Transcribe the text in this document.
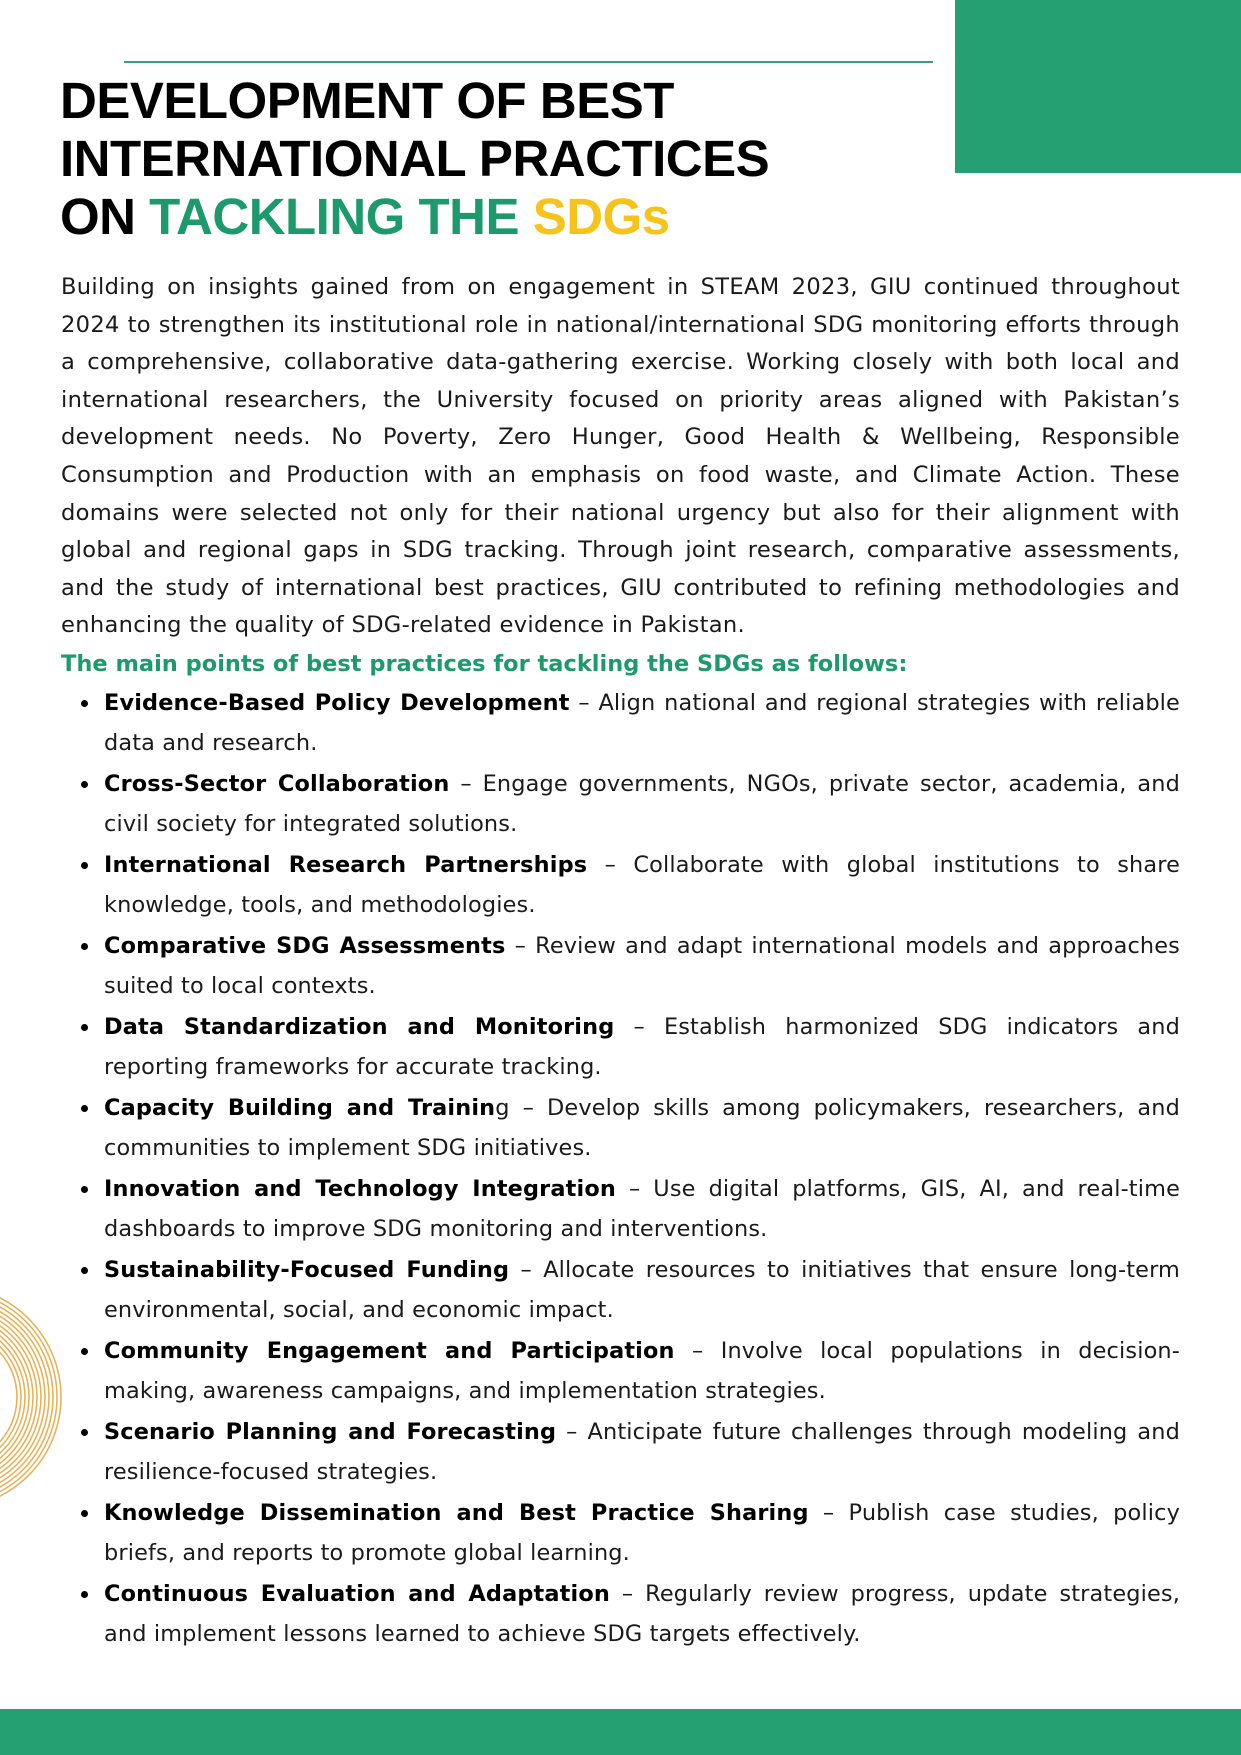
DEVELOPMENT OF BEST
INTERNATIONAL PRACTICES
ON TACKLING THE SDGs

Building on insights gained from on engagement in STEAM 2023, GIU continued throughout 2024 to strengthen its institutional role in national/international SDG monitoring efforts through a comprehensive, collaborative data-gathering exercise. Working closely with both local and international researchers, the University focused on priority areas aligned with Pakistan’s development needs. No Poverty, Zero Hunger, Good Health & Wellbeing, Responsible Consumption and Production with an emphasis on food waste, and Climate Action. These domains were selected not only for their national urgency but also for their alignment with global and regional gaps in SDG tracking. Through joint research, comparative assessments, and the study of international best practices, GIU contributed to refining methodologies and enhancing the quality of SDG-related evidence in Pakistan.

The main points of best practices for tackling the SDGs as follows:

Evidence-Based Policy Development – Align national and regional strategies with reliable data and research.
Cross-Sector Collaboration – Engage governments, NGOs, private sector, academia, and civil society for integrated solutions.
International Research Partnerships – Collaborate with global institutions to share knowledge, tools, and methodologies.
Comparative SDG Assessments – Review and adapt international models and approaches suited to local contexts.
Data Standardization and Monitoring – Establish harmonized SDG indicators and reporting frameworks for accurate tracking.
Capacity Building and Training – Develop skills among policymakers, researchers, and communities to implement SDG initiatives.
Innovation and Technology Integration – Use digital platforms, GIS, AI, and real-time dashboards to improve SDG monitoring and interventions.
Sustainability-Focused Funding – Allocate resources to initiatives that ensure long-term environmental, social, and economic impact.
Community Engagement and Participation – Involve local populations in decision-making, awareness campaigns, and implementation strategies.
Scenario Planning and Forecasting – Anticipate future challenges through modeling and resilience-focused strategies.
Knowledge Dissemination and Best Practice Sharing – Publish case studies, policy briefs, and reports to promote global learning.
Continuous Evaluation and Adaptation – Regularly review progress, update strategies, and implement lessons learned to achieve SDG targets effectively.
